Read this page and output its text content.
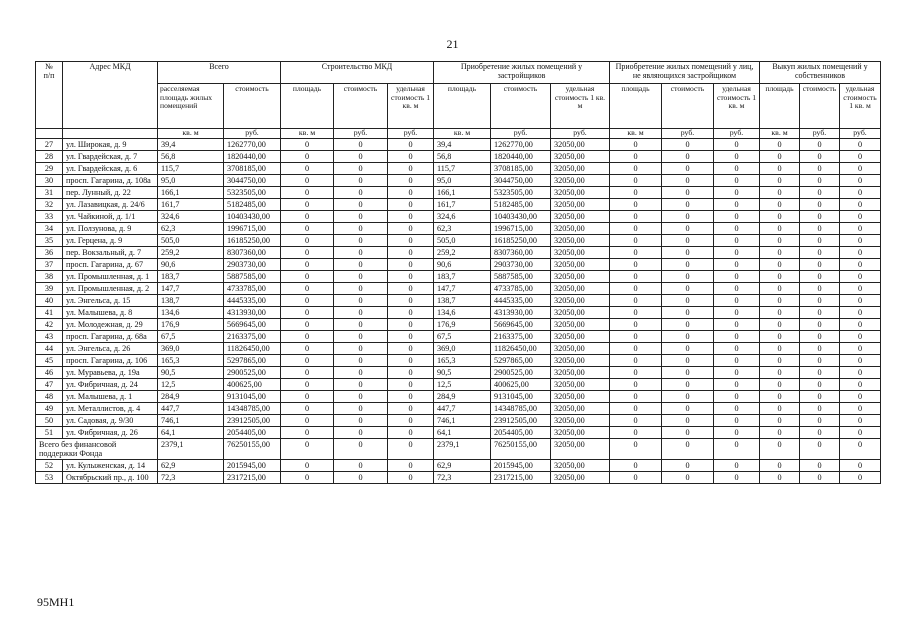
21
№
п/п	Адрес МКД	Всего		Строительство МКД			Приобретение жилых помещений у застройщиков			Приобретение жилых помещений у лиц, не являющихся застройщиком			Выкуп жилых помещений у собственников		
		расселяемая площадь жилых помещений	стоимость	площадь	стоимость	удельная стоимость 1 кв. м	площадь	стоимость	удельная стоимость 1 кв. м	площадь	стоимость	удельная стоимость 1 кв. м	площадь	стоимость	удельная стоимость 1 кв. м
		кв. м	руб.	кв. м	руб.	руб.	кв. м	руб.	руб.	кв. м	руб.	руб.	кв. м	руб.	руб.
27	ул. Широкая, д. 9	39,4	1262770,00	0	0	0	39,4	1262770,00	32050,00	0	0	0	0	0	0
28	ул. Гвардейская, д. 7	56,8	1820440,00	0	0	0	56,8	1820440,00	32050,00	0	0	0	0	0	0
29	ул. Гвардейская, д. 6	115,7	3708185,00	0	0	0	115,7	3708185,00	32050,00	0	0	0	0	0	0
30	просп. Гагарина, д. 108а	95,0	3044750,00	0	0	0	95,0	3044750,00	32050,00	0	0	0	0	0	0
31	пер. Лунный, д. 22	166,1	5323505,00	0	0	0	166,1	5323505,00	32050,00	0	0	0	0	0	0
32	ул. Лазавицкая, д. 24/6	161,7	5182485,00	0	0	0	161,7	5182485,00	32050,00	0	0	0	0	0	0
33	ул. Чайкиной, д. 1/1	324,6	10403430,00	0	0	0	324,6	10403430,00	32050,00	0	0	0	0	0	0
34	ул. Ползунова, д. 9	62,3	1996715,00	0	0	0	62,3	1996715,00	32050,00	0	0	0	0	0	0
35	ул. Герцена, д. 9	505,0	16185250,00	0	0	0	505,0	16185250,00	32050,00	0	0	0	0	0	0
36	пер. Вокзальный, д. 7	259,2	8307360,00	0	0	0	259,2	8307360,00	32050,00	0	0	0	0	0	0
37	просп. Гагарина, д. 67	90,6	2903730,00	0	0	0	90,6	2903730,00	32050,00	0	0	0	0	0	0
38	ул. Промышленная, д. 1	183,7	5887585,00	0	0	0	183,7	5887585,00	32050,00	0	0	0	0	0	0
39	ул. Промышленная, д. 2	147,7	4733785,00	0	0	0	147,7	4733785,00	32050,00	0	0	0	0	0	0
40	ул. Энгельса, д. 15	138,7	4445335,00	0	0	0	138,7	4445335,00	32050,00	0	0	0	0	0	0
41	ул. Малышева, д. 8	134,6	4313930,00	0	0	0	134,6	4313930,00	32050,00	0	0	0	0	0	0
42	ул. Молодежная, д. 29	176,9	5669645,00	0	0	0	176,9	5669645,00	32050,00	0	0	0	0	0	0
43	просп. Гагарина, д. 68а	67,5	2163375,00	0	0	0	67,5	2163375,00	32050,00	0	0	0	0	0	0
44	ул. Энгельса, д. 26	369,0	11826450,00	0	0	0	369,0	11826450,00	32050,00	0	0	0	0	0	0
45	просп. Гагарина, д. 106	165,3	5297865,00	0	0	0	165,3	5297865,00	32050,00	0	0	0	0	0	0
46	ул. Муравьева, д. 19а	90,5	2900525,00	0	0	0	90,5	2900525,00	32050,00	0	0	0	0	0	0
47	ул. Фибричная, д. 24	12,5	400625,00	0	0	0	12,5	400625,00	32050,00	0	0	0	0	0	0
48	ул. Малышева, д. 1	284,9	9131045,00	0	0	0	284,9	9131045,00	32050,00	0	0	0	0	0	0
49	ул. Металлистов, д. 4	447,7	14348785,00	0	0	0	447,7	14348785,00	32050,00	0	0	0	0	0	0
50	ул. Садовая, д. 9/30	746,1	23912505,00	0	0	0	746,1	23912505,00	32050,00	0	0	0	0	0	0
51	ул. Фибричная, д. 26	64,1	2054405,00	0	0	0	64,1	2054405,00	32050,00	0	0	0	0	0	0
Всего без финансовой поддержки Фонда		2379,1	76250155,00	0	0	0	2379,1	76250155,00	32050,00	0	0	0	0	0	0
52	ул. Кулыженская, д. 14	62,9	2015945,00	0	0	0	62,9	2015945,00	32050,00	0	0	0	0	0	0
53	Октябрьский пр., д. 100	72,3	2317215,00	0	0	0	72,3	2317215,00	32050,00	0	0	0	0	0	0
95МН1
